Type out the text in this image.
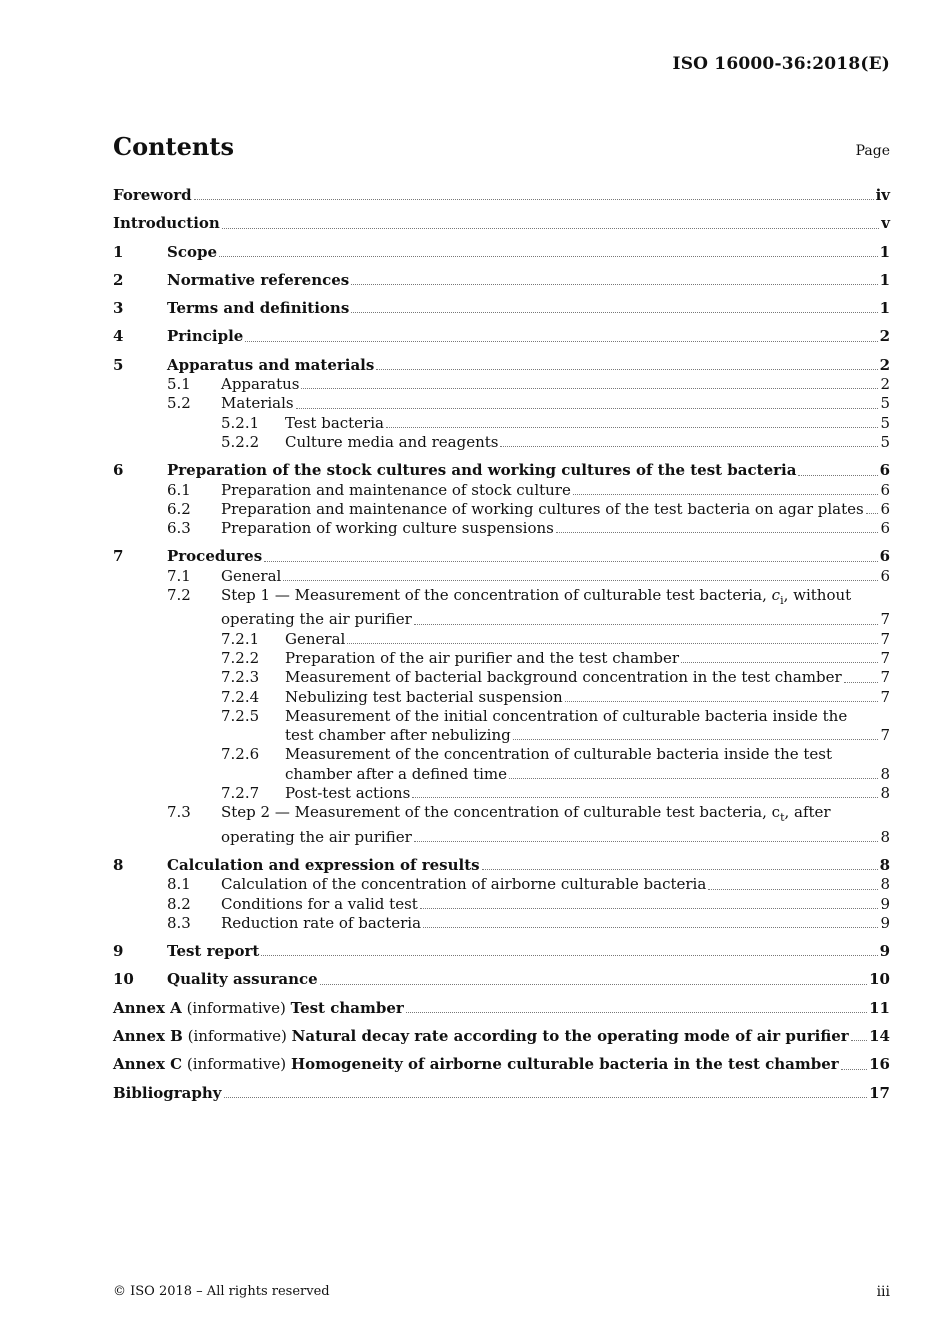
ISO 16000-36:2018(E)
Contents	Page
Foreword	iv
Introduction	v
1	Scope	1
2	Normative references	1
3	Terms and definitions	1
4	Principle	2
5	Apparatus and materials	2
5.1	Apparatus	2
5.2	Materials	5
5.2.1	Test bacteria	5
5.2.2	Culture media and reagents	5
6	Preparation of the stock cultures and working cultures of the test bacteria	6
6.1	Preparation and maintenance of stock culture	6
6.2	Preparation and maintenance of working cultures of the test bacteria on agar plates 6
6.3	Preparation of working culture suspensions	6
7	Procedures	6
7.1	General	6
7.2 Step 1 — Measurement of the concentration of culturable test bacteria, $c_i$, without
operating the air purifier	7
7.2.1	General	7
7.2.2	Preparation of the air purifier and the test chamber	7
7.2.3	Measurement of bacterial background concentration in the test chamber	7
7.2.4	Nebulizing test bacterial suspension	7
7.2.5 Measurement of the initial concentration of culturable bacteria inside the
test chamber after nebulizing	7
7.2.6 Measurement of the concentration of culturable bacteria inside the test
chamber after a defined time	8
7.2.7	Post-test actions	8
7.3 Step 2 — Measurement of the concentration of culturable test bacteria, $c_t$, after
operating the air purifier	8
8	Calculation and expression of results	8
8.1	Calculation of the concentration of airborne culturable bacteria	8
8.2	Conditions for a valid test	9
8.3	Reduction rate of bacteria	9
9	Test report	9
10	Quality assurance	10
Annex A (informative) Test chamber	11
Annex B (informative) Natural decay rate according to the operating mode of air purifier 14
Annex C (informative) Homogeneity of airborne culturable bacteria in the test chamber 16
Bibliography	17
© ISO 2018 – All rights reserved	iii
